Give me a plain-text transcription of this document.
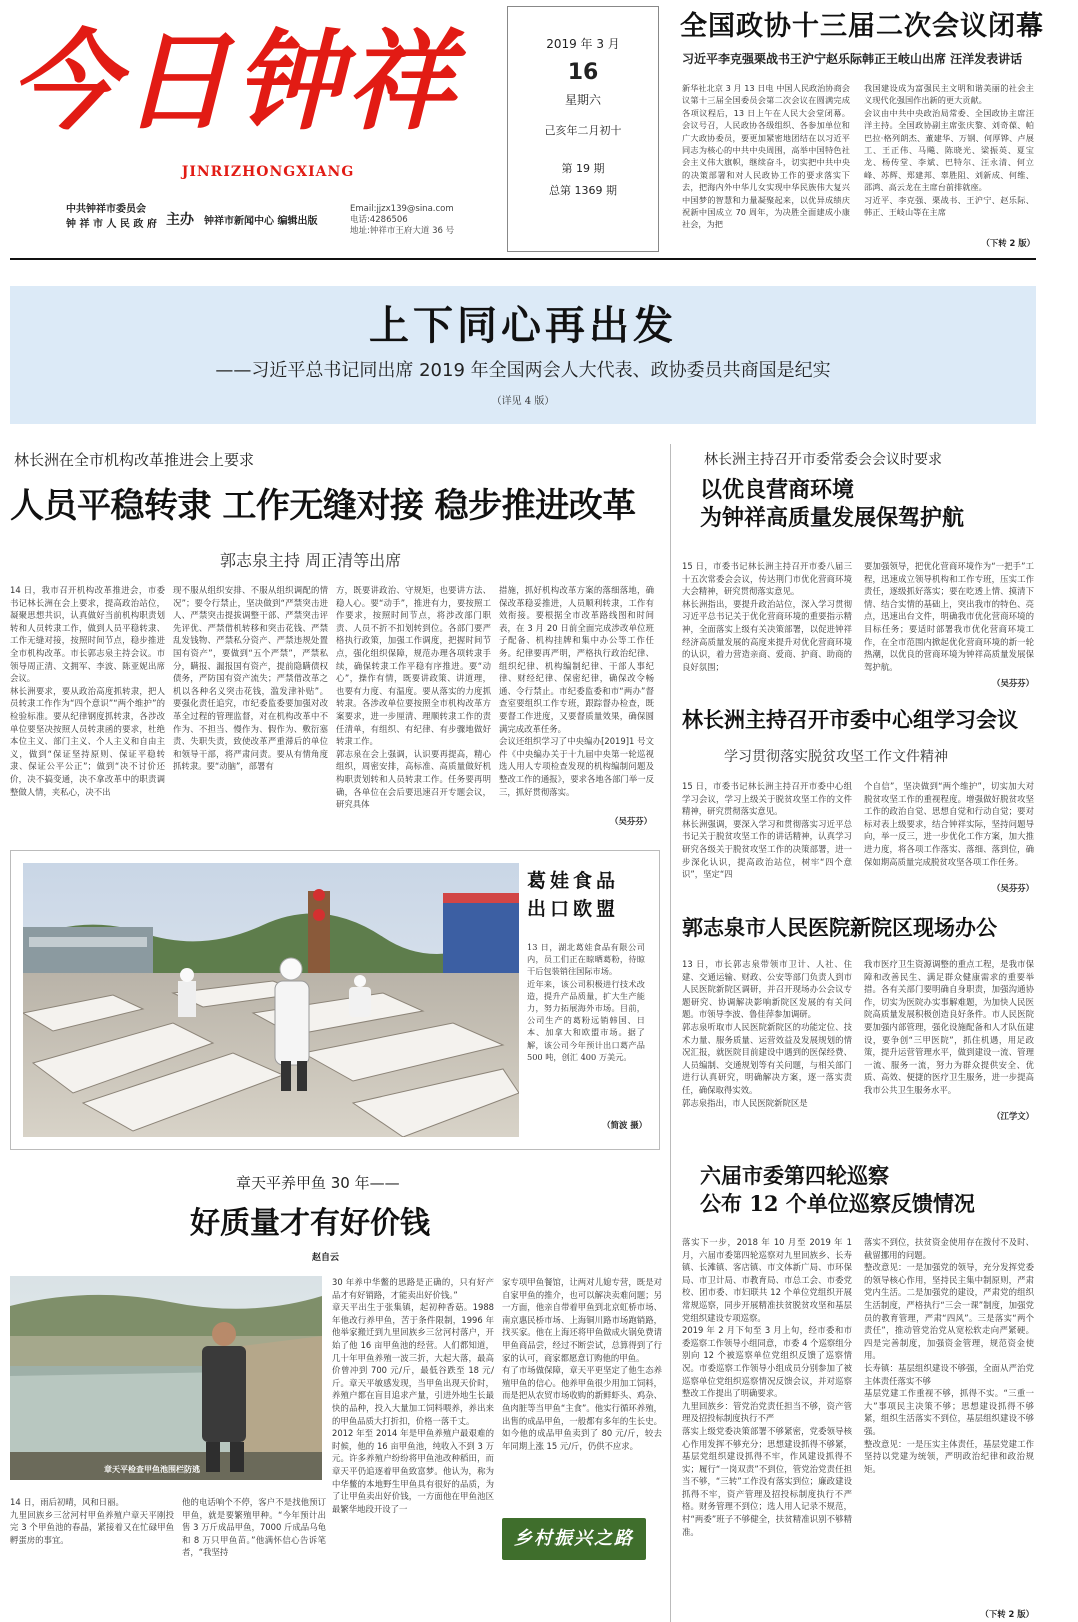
今日钟祥
JINRIZHONGXIANG
中共钟祥市委员会
钟 祥 市 人 民 政 府 主办 钟祥市新闻中心 编辑出版
Email:jjzx139@sina.com
电话:4286506
地址:钟祥市王府大道 36 号
2019 年 3 月
16
星期六
己亥年二月初十
第 19 期
总第 1369 期
全国政协十三届二次会议闭幕
习近平李克强栗战书王沪宁赵乐际韩正王岐山出席 汪洋发表讲话
新华社北京 3 月 13 日电 中国人民政治协商会议第十三届全国委员会第二次会议在圆满完成各项议程后，13 日上午在人民大会堂闭幕。会议号召，人民政协各级组织、各参加单位和广大政协委员，要更加紧密地团结在以习近平同志为核心的中共中央周围，高举中国特色社会主义伟大旗帜，继续奋斗，切实把中共中央的决策部署和对人民政协工作的要求落实下去，把海内外中华儿女实现中华民族伟大复兴中国梦的智慧和力量凝聚起来，以优异成绩庆祝新中国成立 70 周年，为决胜全面建成小康社会，为把
我国建设成为富强民主文明和谐美丽的社会主义现代化强国作出新的更大贡献。
会议由中共中央政治局常委、全国政协主席汪洋主持。全国政协副主席张庆黎、刘奇葆、帕巴拉·格列朗杰、董建华、万钢、何厚铧、卢展工、王正伟、马飚、陈晓光、梁振英、夏宝龙、杨传堂、李斌、巴特尔、汪永清、何立峰、苏辉、郑建邦、辜胜阻、刘新成、何维、邵鸿、高云龙在主席台前排就座。
习近平、李克强、栗战书、王沪宁、赵乐际、韩正、王岐山等在主席
（下转 2 版）
上下同心再出发
——习近平总书记同出席 2019 年全国两会人大代表、政协委员共商国是纪实
（详见 4 版）
林长洲在全市机构改革推进会上要求
人员平稳转隶 工作无缝对接 稳步推进改革
郭志泉主持 周正清等出席
14 日，我市召开机构改革推进会，市委书记林长洲在会上要求，提高政治站位，凝聚思想共识，认真做好当前机构职责划转和人员转隶工作，做到人员平稳转隶、工作无缝对接，按照时间节点，稳步推进全市机构改革。市长郭志泉主持会议。市领导周正清、文拥军、李波、陈亚妮出席会议。
林长洲要求，要从政治高度抓转隶，把人员转隶工作作为“四个意识”“两个维护”的检验标准。要从纪律钢度抓转隶，各涉改单位要坚决按照人员转隶函的要求，杜绝本位主义、部门主义、个人主义和自由主义，做到“保证坚持原则、保证平稳转隶、保证公平公正”；做到“决不讨价还价，决不搞变通，决不拿改革中的职责调整做人情，夹私心，决不出
现不服从组织安排、不服从组织调配的情况”；要令行禁止，坚决做到“严禁突击进人、严禁突击提拔调整干部、严禁突击评先评优、严禁借机转移和突击花钱、严禁乱发钱物、严禁私分资产、严禁违规处置国有资产”，要做到“五个严禁”，严禁私分，瞒报、漏报国有资产，提前隐瞒债权债务，严防国有资产流失；严禁借改革之机以各种名义突击花钱，滥发津补贴”。要强化责任追究，市纪委监委要加强对改革全过程的管理监督，对在机构改革中不作为、不担当、慢作为、假作为、敷衍塞责、失职失责，致使改革严重滞后的单位和领导干部，将严肃问责。要从有情角度抓转隶。要“动脑”，部署有
方，既要讲政治、守规矩，也要讲方法、稳人心。要“动手”，推进有力，要按照工作要求，按照时间节点，将涉改部门职责、人员不折不扣划转到位。各部门要严格执行政策，加强工作调度，把握时间节点，强化组织保障，规范办理各项转隶手续，确保转隶工作平稳有序推进。要“动心”，操作有情，既要讲政策、讲道理，也要有力度、有温度。要从落实的力度抓转隶。各涉改单位要按照全市机构改革方案要求，进一步厘清、理顺转隶工作的责任清单，有组织、有纪律、有步骤地做好转隶工作。
郭志泉在会上强调，认识要再提高，精心组织，周密安排，高标准、高质量做好机构职责划转和人员转隶工作。任务要再明确，各单位在会后要迅速召开专题会议，研究具体
措施，抓好机构改革方案的落细落地，确保改革稳妥推进，人员顺利转隶，工作有效衔接。要根据全市改革路线图和时间表，在 3 月 20 日前全面完成涉改单位班子配备、机构挂牌和集中办公等工作任务。纪律要再严明，严格执行政治纪律、组织纪律、机构编制纪律、干部人事纪律、财经纪律、保密纪律，确保改令畅通、令行禁止。市纪委监委和市“两办”督查室要组织工作专班，跟踪督办检查，既要督工作进度，又要督质量效果，确保圆满完成改革任务。
会议还组织学习了中央编办[2019]1 号文件《中央编办关于十九届中央第一轮巡视选人用人专项检查发现的机构编制问题及整改工作的通报》，要求各地各部门举一反三，抓好贯彻落实。
（吴芬芬）
葛娃食品出口欧盟
13 日，湖北葛娃食品有限公司内，员工们正在晾晒葛粉，待晾干后包装销往国际市场。
近年来，该公司积极进行技术改造，提升产品质量，扩大生产能力，努力拓展海外市场。目前，公司生产的葛粉远销韩国、日本、加拿大和欧盟市场。据了解，该公司今年预计出口葛产品 500 吨，创汇 400 万美元。
（简波 摄）
章天平养甲鱼 30 年——
好质量才有好价钱
赵自云
章天平检查甲鱼池围栏防逃
30 年养中华鳖的思路是正确的，只有好产品才有好销路，才能卖出好价钱。”
章天平出生于张集镇，起初种香菇。1988 年他改行养甲鱼，苦于条件限制，1996 年他举家搬迁到九里回族乡三岔河村落户，开始了他 16 亩甲鱼池的经营。人们都知道，几十年甲鱼养殖一波三折，大起大落，最高价曾冲到 700 元/斤，最低谷跌至 18 元/斤。章天平敏感发现，当甲鱼出现天价时，养殖户都在盲目追求产量，引进外地生长最快的品种，投入大量加工饲料喂养，养出来的甲鱼品质大打折扣，价格一落千丈。
2012 年至 2014 年是甲鱼养殖户最艰难的时候，他的 16 亩甲鱼池，纯收入不到 3 万元。许多养殖户纷纷将甲鱼池改种稻田，而章天平仍追逐着甲鱼致富梦。他认为，称为中华鳖的本地野生甲鱼具有很好的品质，为了让甲鱼卖出好价钱，一方面他在甲鱼池区最繁华地段开设了一
家专项甲鱼餐馆，让两对儿媳专营，既是对自家甲鱼的推介，也可以解决卖难问题；另一方面，他亲自带着甲鱼到北京虹桥市场、南京惠民桥市场、上海铜川路市场跑销路，找买家。他在上海还将甲鱼做成火锅免费请甲鱼商品尝，经过不断尝试，总算得到了行家的认可，商家都愿意订购他的甲鱼。
有了市场做保障，章天平更坚定了他生态养殖甲鱼的信心。他养甲鱼很少用加工饲料，而是把从农贸市场收购的新鲜虾头、鸡杂、鱼肉脏等当甲鱼“主食”。他实行循环养殖，出售的成品甲鱼，一般都有多年的生长史。如今他的成品甲鱼卖到了 80 元/斤，较去年同期上涨 15 元/斤，仍供不应求。
14 日，雨后初晴，风和日丽。
九里回族乡三岔河村甲鱼养殖户章天平刚投完 3 个甲鱼池的春晶，紧接着又在忙碌甲鱼孵蛋房的事宜。
他的电话响个不停，客户不是找他预订甲鱼，就是要繁殖甲种。“今年预计出售 3 万斤成品甲鱼，7000 斤成品乌龟和 8 万只甲鱼苗。”他满怀信心告诉笔者，“我坚持
乡村振兴之路
林长洲主持召开市委常委会会议时要求
以优良营商环境
为钟祥高质量发展保驾护航
15 日，市委书记林长洲主持召开市委八届三十五次常委会会议，传达荆门市优化营商环境大会精神，研究贯彻落实意见。
林长洲指出，要提升政治站位，深入学习贯彻习近平总书记关于优化营商环境的重要指示精神，全面落实上级有关决策部署，以促进钟祥经济高质量发展的高度来提升对优化营商环境的认识，着力营造亲商、爱商、护商、助商的良好氛围；
要加强领导，把优化营商环境作为“一把手”工程，迅速成立领导机构和工作专班，压实工作责任，逐级抓好落实；要在吃透上情、摸清下情、结合实情的基础上，突出我市的特色、亮点，迅速出台文件，明确我市优化营商环境的目标任务；要适时部署我市优化营商环境工作，在全市范围内掀起优化营商环境的新一轮热潮，以优良的营商环境为钟祥高质量发展保驾护航。
（吴芬芬）
林长洲主持召开市委中心组学习会议
学习贯彻落实脱贫攻坚工作文件精神
15 日，市委书记林长洲主持召开市委中心组学习会议，学习上级关于脱贫攻坚工作的文件精神，研究贯彻落实意见。
林长洲强调，要深入学习和贯彻落实习近平总书记关于脱贫攻坚工作的讲话精神，认真学习研究各级关于脱贫攻坚工作的决策部署，进一步深化认识，提高政治站位，树牢“四个意识”，坚定“四
个自信”，坚决做到“两个维护”，切实加大对脱贫攻坚工作的重视程度。增强做好脱贫攻坚工作的政治自觉、思想自觉和行动自觉；要对标对表上级要求，结合钟祥实际，坚持问题导向，举一反三，进一步优化工作方案，加大推进力度，将各项工作落实、落细、落到位，确保如期高质量完成脱贫攻坚各项工作任务。
（吴芬芬）
郭志泉市人民医院新院区现场办公
13 日，市长郭志泉带领市卫计、人社、住建、交通运输、财政、公安等部门负责人到市人民医院新院区调研，并召开现场办公会议专题研究、协调解决影响新院区发展的有关问题。市领导李波、鲁佳萍参加调研。
郭志泉听取市人民医院新院区的功能定位、技术力量、服务质量、运营效益及发展规划的情况汇报，就医院目前建设中遇到的医保经费、人员编制、交通规划等有关问题，与相关部门进行认真研究，明确解决方案，逐一落实责任，确保取得实效。
郭志泉指出，市人民医院新院区是
我市医疗卫生资源调整的重点工程，是我市保障和改善民生、满足群众健康需求的重要举措。各有关部门要明确自身职责，加强沟通协作，切实为医院办实事解难题，为加快人民医院高质量发展积极创造良好条件。市人民医院要加强内部管理，强化设施配备和人才队伍建设，要争创“三甲医院”，抓住机遇，用足政策，提升运营管理水平，做到建设一流、管理一流、服务一流，努力为群众提供安全、优质、高效、便捷的医疗卫生服务，进一步提高我市公共卫生服务水平。
（江学文）
六届市委第四轮巡察
公布 12 个单位巡察反馈情况
落实下一步，2018 年 10 月至 2019 年 1 月，六届市委第四轮巡察对九里回族乡、长寿镇、长滩镇、客店镇、市文体新广局、市环保局、市卫计局、市教育局、市总工会、市委党校、团市委、市妇联共 12 个单位党组织开展常规巡察，同步开展精准扶贫脱贫攻坚和基层党组织建设专项巡察。
2019 年 2 月下旬至 3 月上旬，经市委和市委巡察工作领导小组同意，市委 4 个巡察组分别向 12 个被巡察单位党组织反馈了巡察情况。市委巡察工作领导小组成员分别参加了被巡察单位党组织巡察情况反馈会议，并对巡察整改工作提出了明确要求。
九里回族乡：管党治党责任担当不够，资产管理及招投标制度执行不严
落实上级党委决策部署不够紧密，党委领导核心作用发挥不够充分；思想建设抓得不够紧，基层党组织建设抓得不牢，作风建设抓得不实；履行“一岗双责”不到位，管党治党责任担当不够，“三转”工作没有落实到位；廉政建设抓得不牢，资产管理及招投标制度执行不严格。财务管理不到位；选人用人记录不规范，村“两委”班子不够健全，扶贫精准识别不够精准。
落实不到位，扶贫资金使用存在拨付不及时、截留挪用的问题。
整改意见：一是加强党的领导，充分发挥党委的领导核心作用，坚持民主集中制原则，严肃党内生活。二是加强党的建设，严肃党的组织生活制度，严格执行“三会一课”制度，加强党员的教育管理，严肃“四风”。三是落实“两个责任”，推动管党治党从宽松软走向严紧硬。四是完善制度，加强资金管理，规范资金使用。
长寿镇：基层组织建设不够强，全面从严治党主体责任落实不够
基层党建工作重视不够，抓得不实。“三重一大”事项民主决策不够；思想建设抓得不够紧，组织生活落实不到位，基层组织建设不够强。
整改意见：一是压实主体责任，基层党建工作坚持以党建为统领，严明政治纪律和政治规矩。
（下转 2 版）
